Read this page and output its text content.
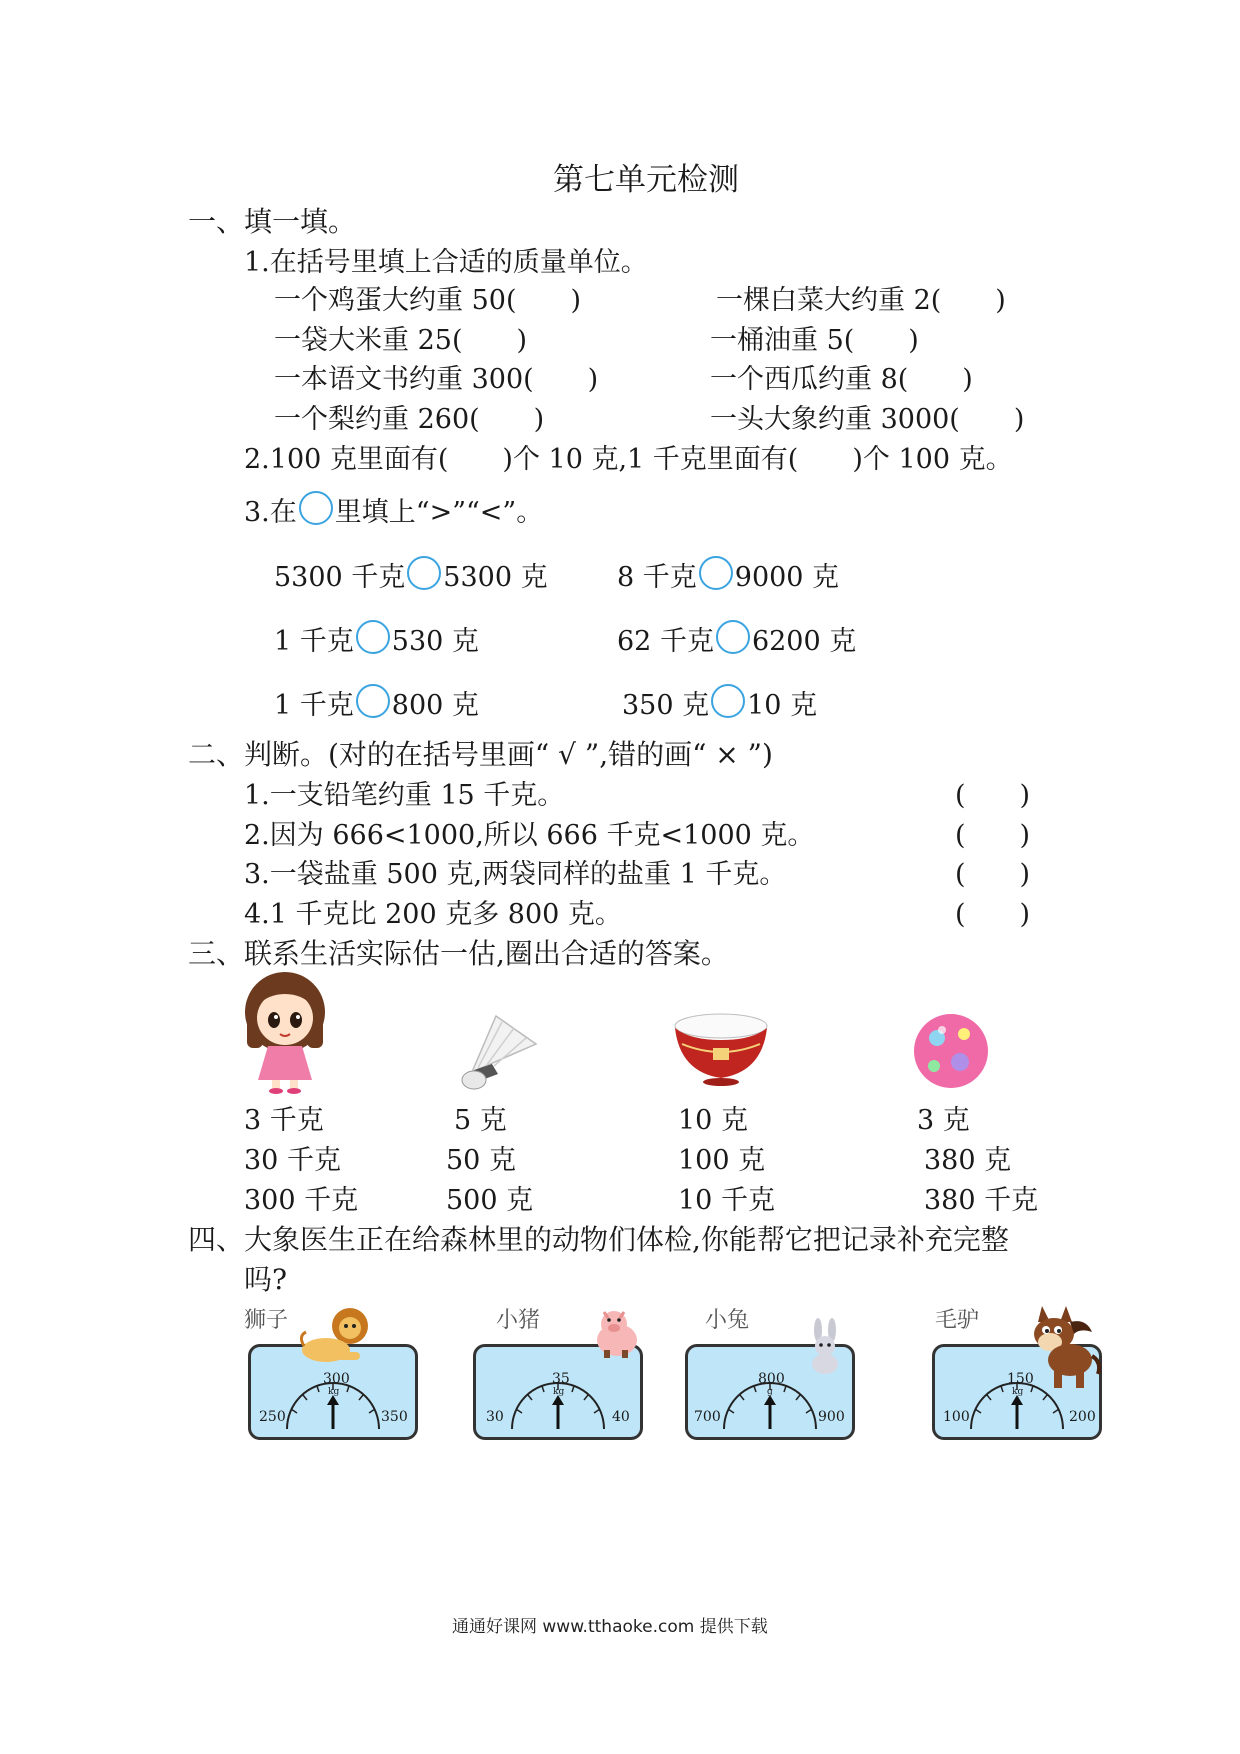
第七单元检测
一、填一填。
1.在括号里填上合适的质量单位。
一个鸡蛋大约重 50(　　)	一棵白菜大约重 2(　　)
一袋大米重 25(　　)	一桶油重 5(　　)
一本语文书约重 300(　　)	一个西瓜约重 8(　　)
一个梨约重 260(　　)	一头大象约重 3000(　　)
2.100 克里面有(　　)个 10 克,1 千克里面有(　　)个 100 克。
3.在 里填上“>”“<”。
5300 千克 5300 克	8 千克 9000 克
1 千克 530 克	62 千克 6200 克
1 千克 800 克	350 克 10 克
二、判断。(对的在括号里画“ √ ”,错的画“ × ”)
1.一支铅笔约重 15 千克。	(　　)
2.因为 666<1000,所以 666 千克<1000 克。	(　　)
3.一袋盐重 500 克,两袋同样的盐重 1 千克。	(　　)
4.1 千克比 200 克多 800 克。	(　　)
三、联系生活实际估一估,圈出合适的答案。
3 千克
30 千克
300 千克
5 克
50 克
500 克
10 克
100 克
10 千克
3 克
380 克
380 千克
四、大象医生正在给森林里的动物们体检,你能帮它把记录补充完整
吗?
狮子	小猪	小兔	毛驴
250
300
350
kg
30
35
40
kg
700
800
900
g
100
150
200
kg
通通好课网 www.tthaoke.com 提供下载
